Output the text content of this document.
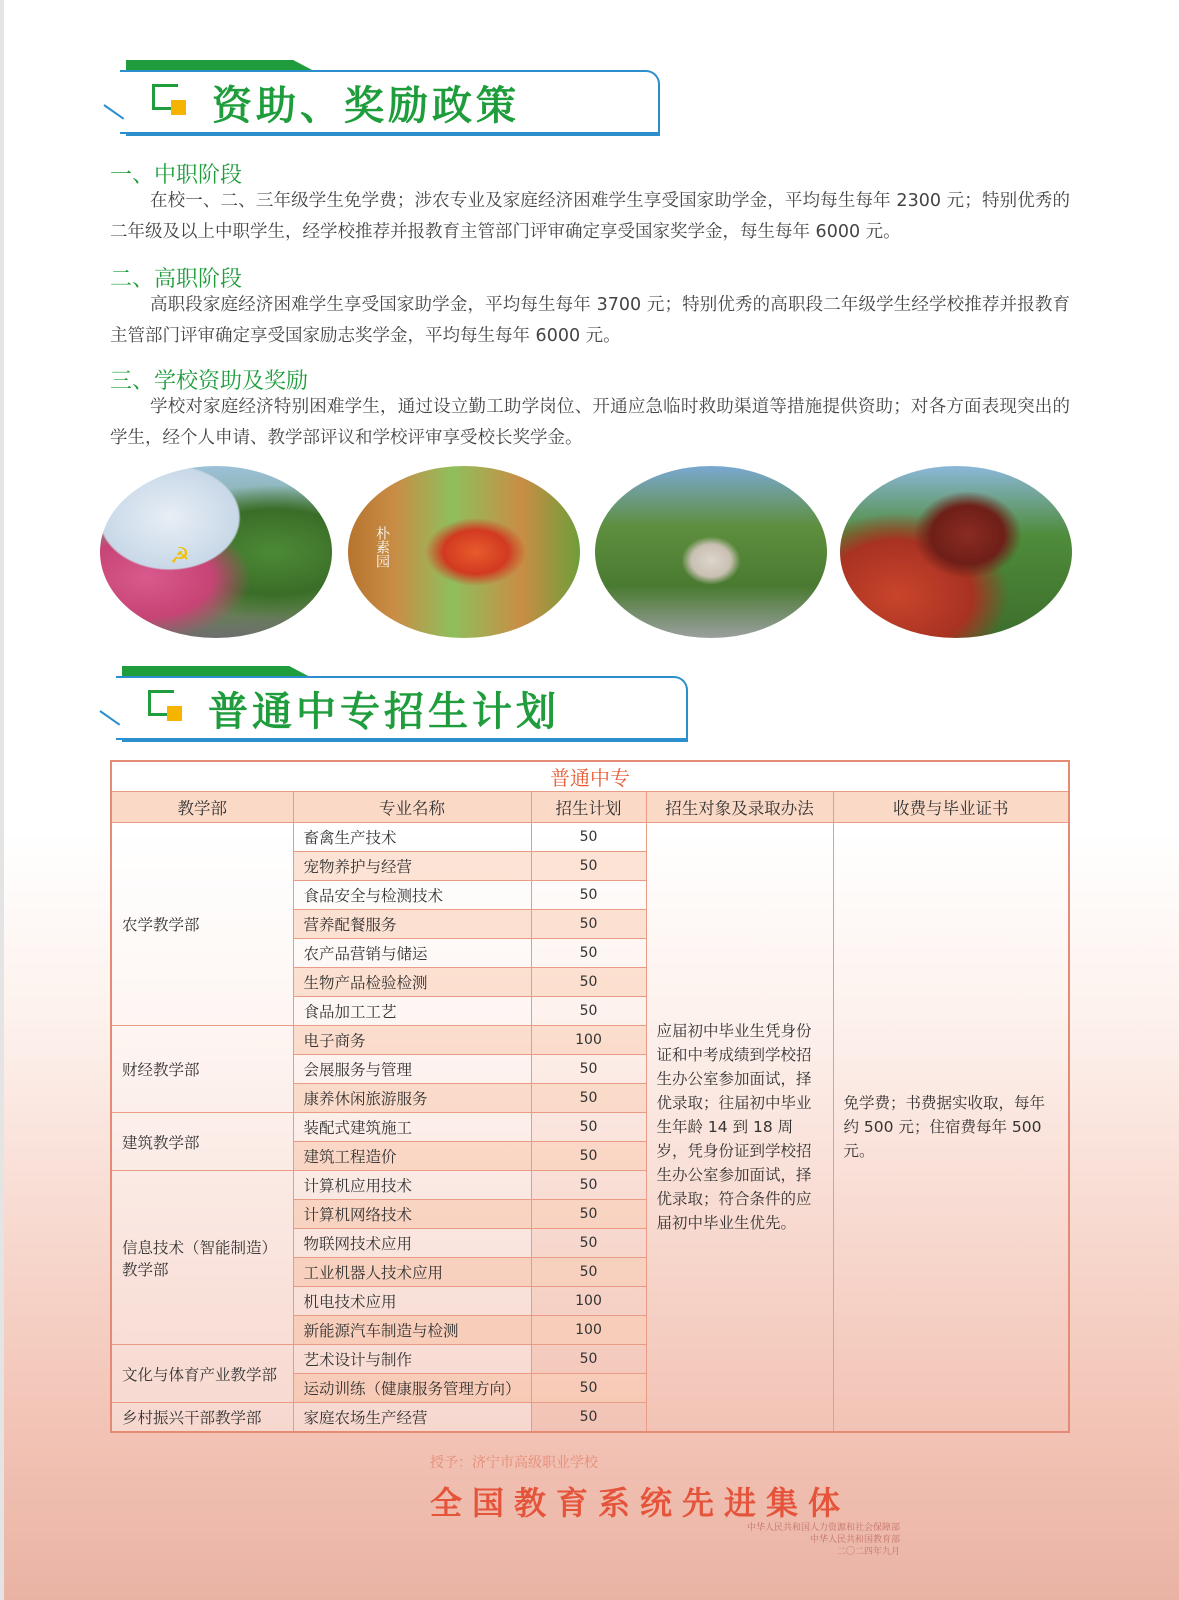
资助、奖励政策
一、中职阶段
在校一、二、三年级学生免学费；涉农专业及家庭经济困难学生享受国家助学金，平均每生每年 2300 元；特别优秀的二年级及以上中职学生，经学校推荐并报教育主管部门评审确定享受国家奖学金，每生每年 6000 元。
二、高职阶段
高职段家庭经济困难学生享受国家助学金，平均每生每年 3700 元；特别优秀的高职段二年级学生经学校推荐并报教育主管部门评审确定享受国家励志奖学金，平均每生每年 6000 元。
三、学校资助及奖励
学校对家庭经济特别困难学生，通过设立勤工助学岗位、开通应急临时救助渠道等措施提供资助；对各方面表现突出的学生，经个人申请、教学部评议和学校评审享受校长奖学金。
☭	朴素园
普通中专招生计划
普通中专				
教学部	专业名称	招生计划	招生对象及录取办法	收费与毕业证书
农学教学部	畜禽生产技术	50	应届初中毕业生凭身份证和中考成绩到学校招生办公室参加面试，择优录取；往届初中毕业生年龄 14 到 18 周岁，凭身份证到学校招生办公室参加面试，择优录取；符合条件的应届初中毕业生优先。	免学费；书费据实收取，每年约 500 元；住宿费每年 500 元。
	宠物养护与经营	50		
	食品安全与检测技术	50		
	营养配餐服务	50		
	农产品营销与储运	50		
	生物产品检验检测	50		
	食品加工工艺	50		
财经教学部	电子商务	100		
	会展服务与管理	50		
	康养休闲旅游服务	50		
建筑教学部	装配式建筑施工	50		
	建筑工程造价	50		
信息技术（智能制造）教学部	计算机应用技术	50		
	计算机网络技术	50		
	物联网技术应用	50		
	工业机器人技术应用	50		
	机电技术应用	100		
	新能源汽车制造与检测	100		
文化与体育产业教学部	艺术设计与制作	50		
	运动训练（健康服务管理方向）	50		
乡村振兴干部教学部	家庭农场生产经营	50		
授予：济宁市高级职业学校
全国教育系统先进集体
中华人民共和国人力资源和社会保障部
中华人民共和国教育部
二〇二四年九月
